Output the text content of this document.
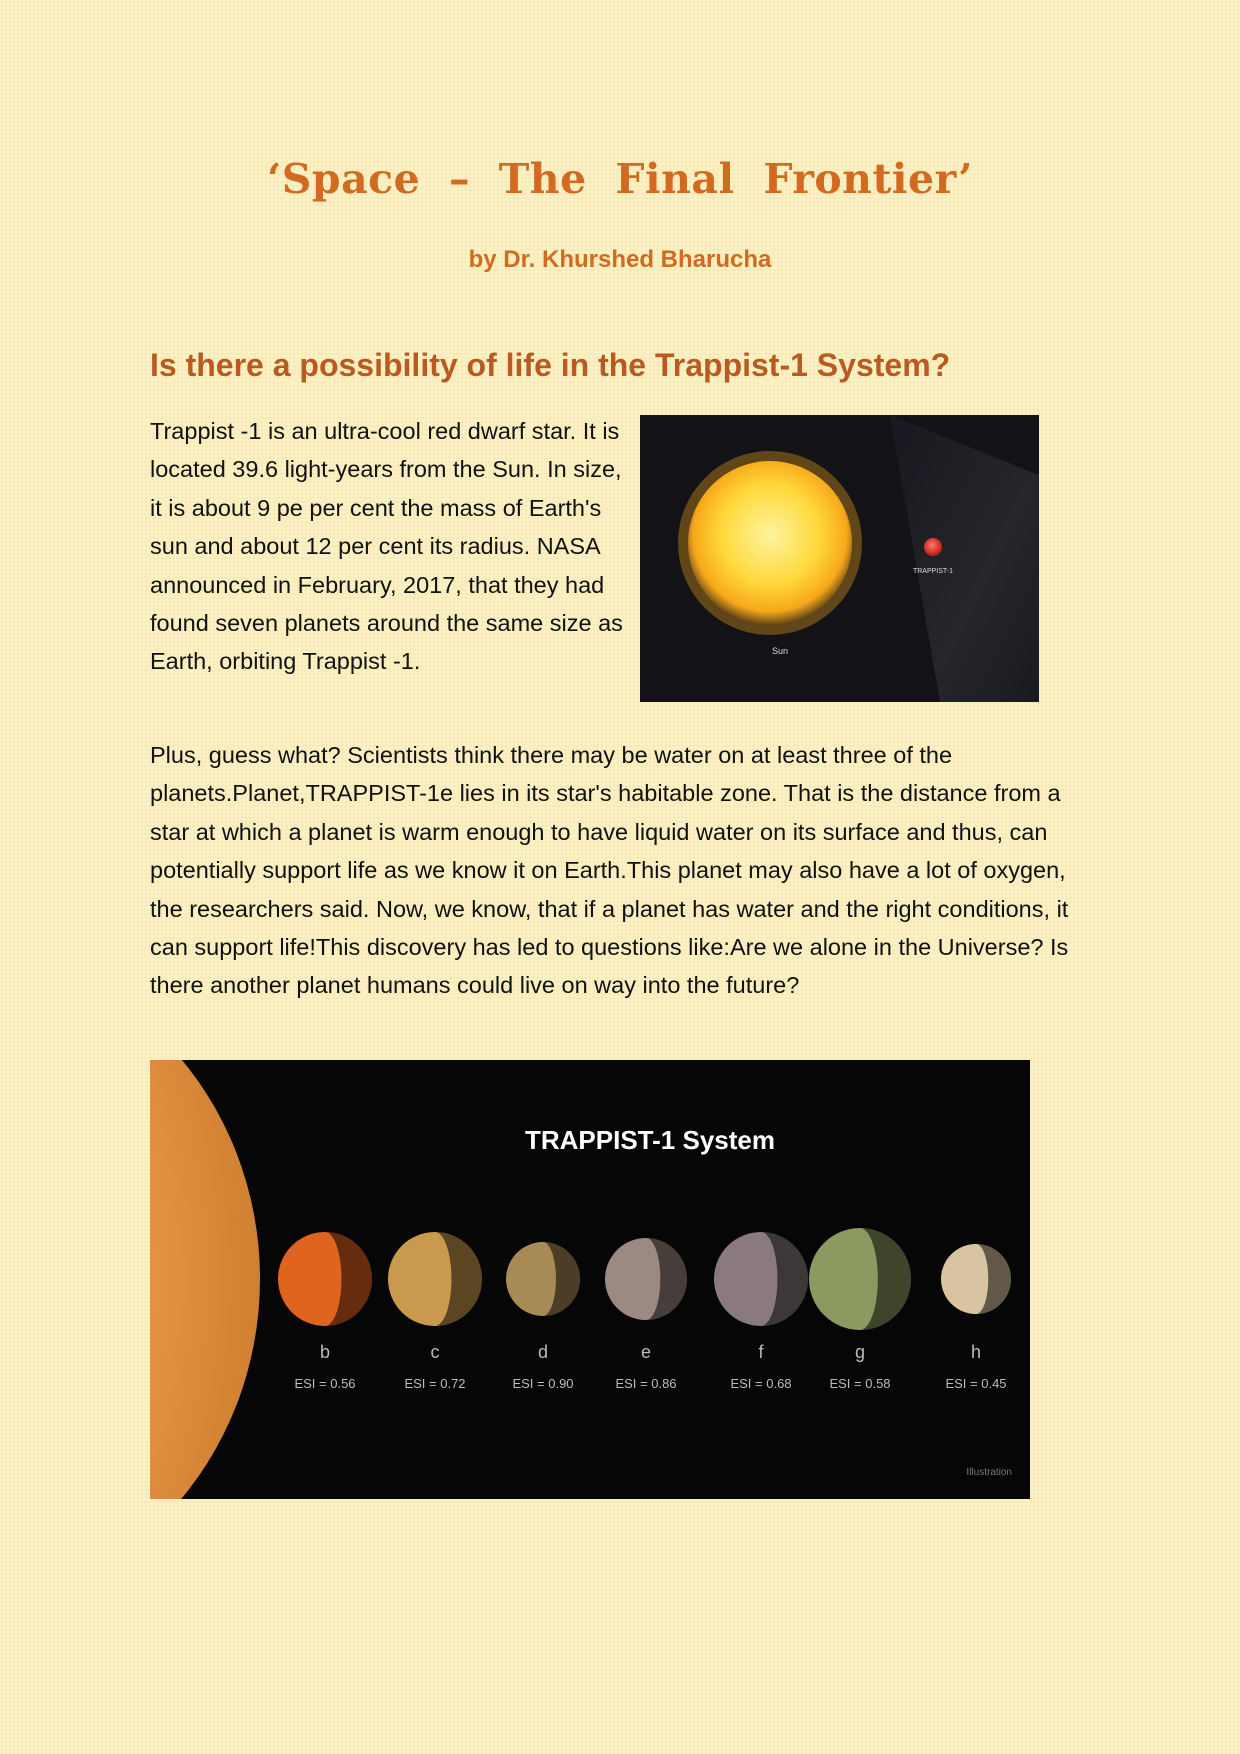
‘Space – The Final Frontier’
by Dr. Khurshed Bharucha
Is there a possibility of life in the Trappist-1 System?

Trappist -1 is an ultra-cool red dwarf star. It is located 39.6 light-years from the Sun. In size, it is about 9 pe per cent the mass of Earth's sun and about 12 per cent its radius. NASA announced in February, 2017, that they had found seven planets around the same size as Earth, orbiting Trappist -1.

TRAPPIST-1
Sun

Plus, guess what? Scientists think there may be water on at least three of the planets.Planet,TRAPPIST-1e lies in its star's habitable zone. That is the distance from a star at which a planet is warm enough to have liquid water on its surface and thus, can potentially support life as we know it on Earth.This planet may also have a lot of oxygen, the researchers said. Now, we know, that if a planet has water and the right conditions, it can support life!This discovery has led to questions like:Are we alone in the Universe? Is there another planet humans could live on way into the future?

TRAPPIST-1 System
b
ESI = 0.56
c
ESI = 0.72
d
ESI = 0.90
e
ESI = 0.86
f
ESI = 0.68
g
ESI = 0.58
h
ESI = 0.45
Illustration
